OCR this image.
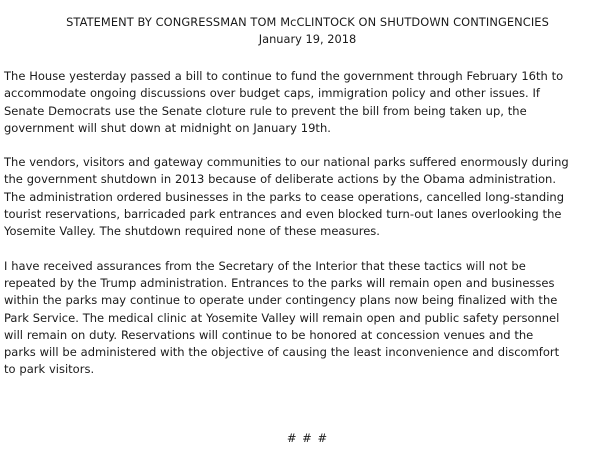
STATEMENT BY CONGRESSMAN TOM McCLINTOCK ON SHUTDOWN CONTINGENCIES
January 19, 2018

The House yesterday passed a bill to continue to fund the government through February 16th to
accommodate ongoing discussions over budget caps, immigration policy and other issues. If
Senate Democrats use the Senate cloture rule to prevent the bill from being taken up, the
government will shut down at midnight on January 19th.

The vendors, visitors and gateway communities to our national parks suffered enormously during
the government shutdown in 2013 because of deliberate actions by the Obama administration.
The administration ordered businesses in the parks to cease operations, cancelled long-standing
tourist reservations, barricaded park entrances and even blocked turn-out lanes overlooking the
Yosemite Valley. The shutdown required none of these measures.

I have received assurances from the Secretary of the Interior that these tactics will not be
repeated by the Trump administration. Entrances to the parks will remain open and businesses
within the parks may continue to operate under contingency plans now being finalized with the
Park Service. The medical clinic at Yosemite Valley will remain open and public safety personnel
will remain on duty. Reservations will continue to be honored at concession venues and the
parks will be administered with the objective of causing the least inconvenience and discomfort
to park visitors.

# # #
